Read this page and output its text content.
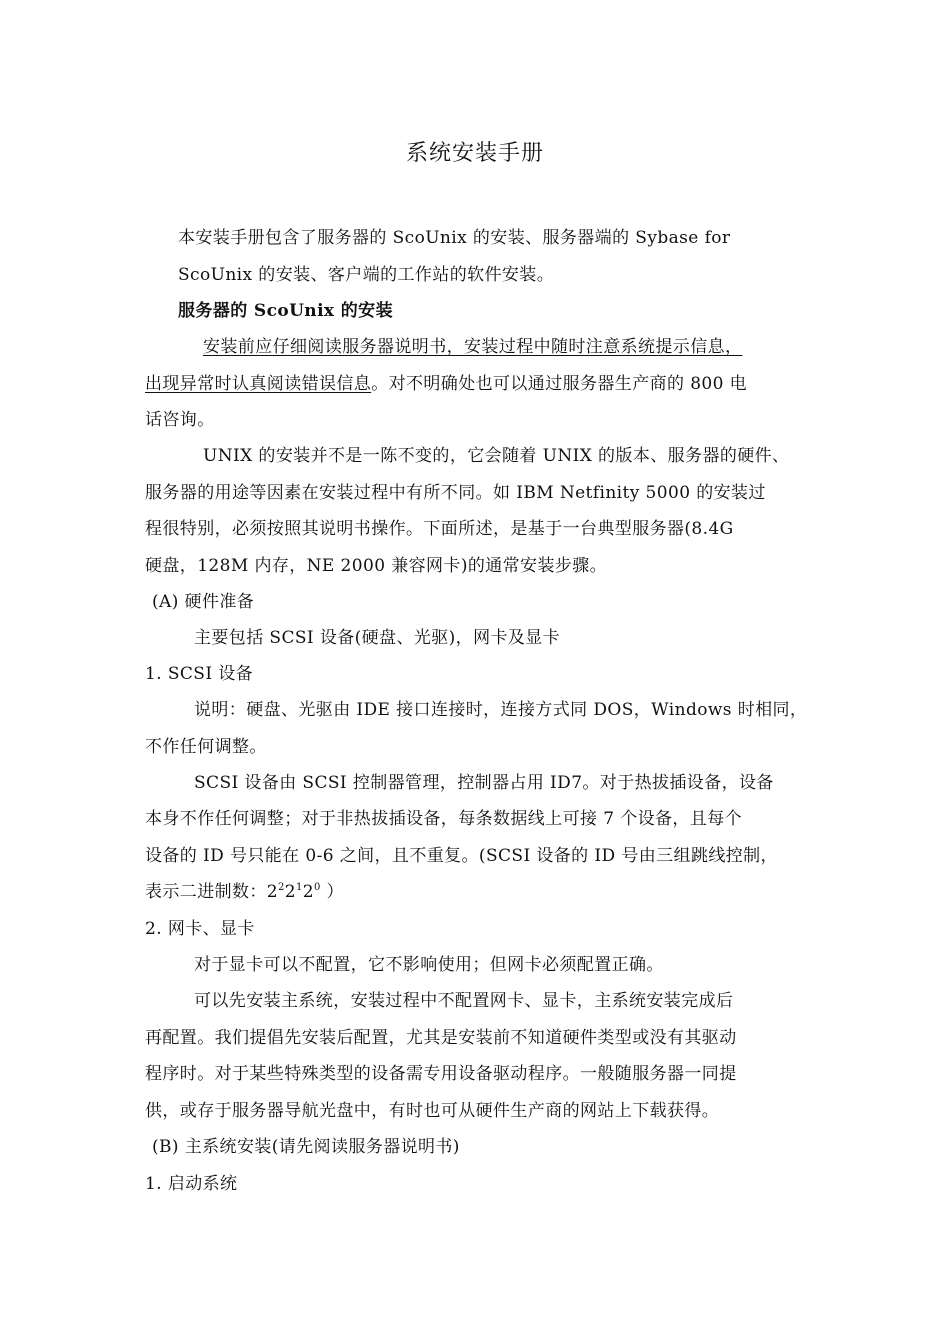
系统安装手册
本安装手册包含了服务器的 ScoUnix 的安装、服务器端的 Sybase for
ScoUnix 的安装、客户端的工作站的软件安装。
服务器的 ScoUnix 的安装
安装前应仔细阅读服务器说明书，安装过程中随时注意系统提示信息，
出现异常时认真阅读错误信息。对不明确处也可以通过服务器生产商的 800 电
话咨询。
UNIX 的安装并不是一陈不变的，它会随着 UNIX 的版本、服务器的硬件、
服务器的用途等因素在安装过程中有所不同。如 IBM Netfinity 5000 的安装过
程很特别，必须按照其说明书操作。下面所述，是基于一台典型服务器(8.4G
硬盘，128M 内存，NE 2000 兼容网卡)的通常安装步骤。
(A) 硬件准备
主要包括 SCSI 设备(硬盘、光驱)，网卡及显卡
1. SCSI 设备
说明：硬盘、光驱由 IDE 接口连接时，连接方式同 DOS，Windows 时相同，
不作任何调整。
SCSI 设备由 SCSI 控制器管理，控制器占用 ID7。对于热拔插设备，设备
本身不作任何调整；对于非热拔插设备，每条数据线上可接 7 个设备，且每个
设备的 ID 号只能在 0-6 之间，且不重复。(SCSI 设备的 ID 号由三组跳线控制，
表示二进制数：$2^22^12^0$ ）
2. 网卡、显卡
对于显卡可以不配置，它不影响使用；但网卡必须配置正确。
可以先安装主系统，安装过程中不配置网卡、显卡，主系统安装完成后
再配置。我们提倡先安装后配置，尤其是安装前不知道硬件类型或没有其驱动
程序时。对于某些特殊类型的设备需专用设备驱动程序。一般随服务器一同提
供，或存于服务器导航光盘中，有时也可从硬件生产商的网站上下载获得。
(B) 主系统安装(请先阅读服务器说明书)
1. 启动系统
